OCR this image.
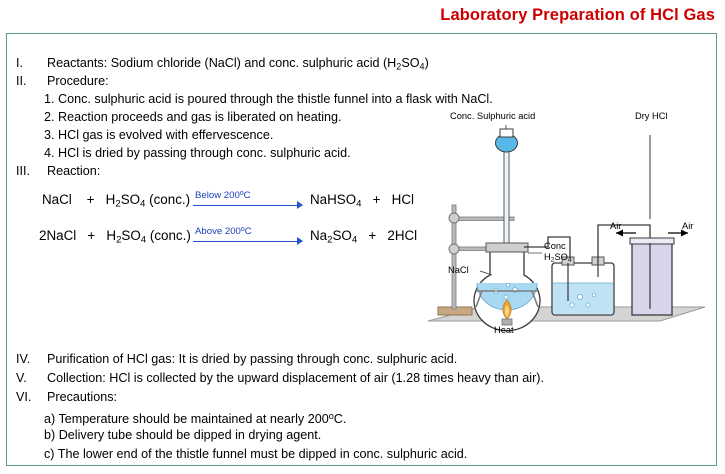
Laboratory Preparation of HCl Gas
I. Reactants: Sodium chloride (NaCl) and conc. sulphuric acid $(H_2SO_4)$
II. Procedure:
1. Conc. sulphuric acid is poured through the thistle funnel into a flask with NaCl.
2. Reaction proceeds and gas is liberated on heating.
3. HCl gas is evolved with effervescence.
4. HCl is dried by passing through conc. sulphuric acid.
III. Reaction:
NaCl + $H_2SO_4$ (conc.) Below 200$^o$C	NaHSO$_4$ + HCl
2NaCl + $H_2SO_4$ (conc.) Above 200$^o$C	$Na_2SO_4 + 2HCl$
IV. Purification of HCl gas: It is dried by passing through conc. sulphuric acid.
V. Collection: HCl is collected by the upward displacement of air (1.28 times heavy than air).
VI. Precautions:
a) Temperature should be maintained at nearly 200$^o$C.
b) Delivery tube should be dipped in drying agent.
c) The lower end of the thistle funnel must be dipped in conc. sulphuric acid.
Conc. Sulphuric acid	Dry HCl
Conc
$H_2SO_4$
NaCl
Air	Air
Heat
